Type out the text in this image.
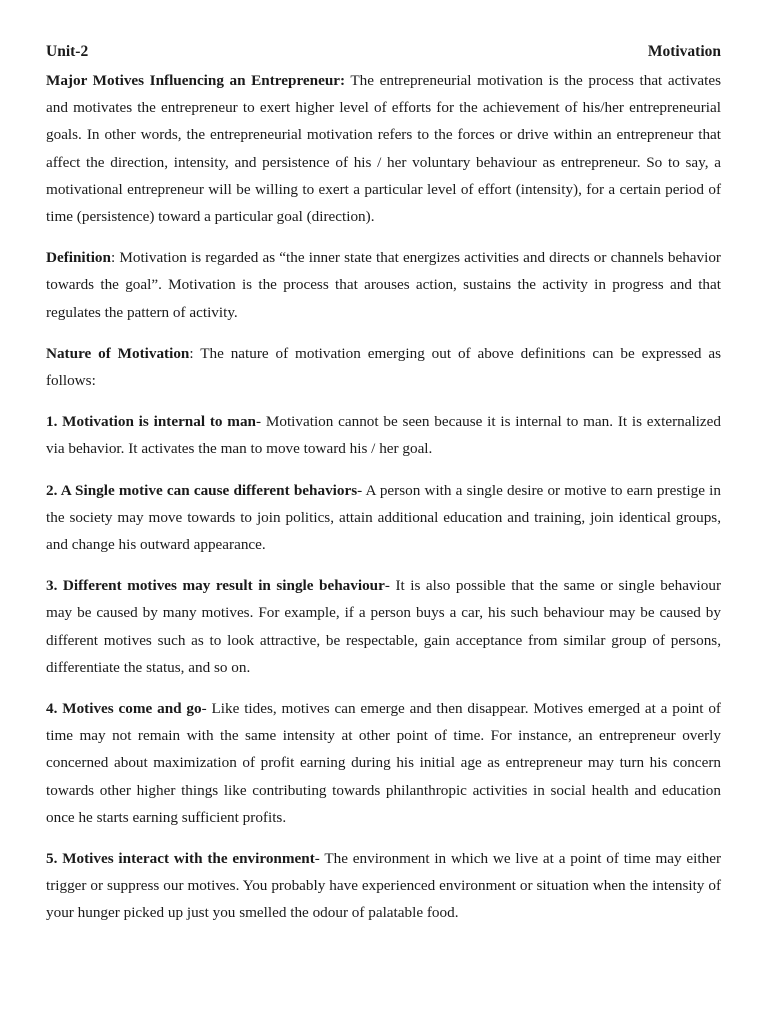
Unit-2	Motivation

Major Motives Influencing an Entrepreneur: The entrepreneurial motivation is the process that activates and motivates the entrepreneur to exert higher level of efforts for the achievement of his/her entrepreneurial goals. In other words, the entrepreneurial motivation refers to the forces or drive within an entrepreneur that affect the direction, intensity, and persistence of his / her voluntary behaviour as entrepreneur. So to say, a motivational entrepreneur will be willing to exert a particular level of effort (intensity), for a certain period of time (persistence) toward a particular goal (direction).

Definition: Motivation is regarded as “the inner state that energizes activities and directs or channels behavior towards the goal”. Motivation is the process that arouses action, sustains the activity in progress and that regulates the pattern of activity.

Nature of Motivation: The nature of motivation emerging out of above definitions can be expressed as follows:

1. Motivation is internal to man- Motivation cannot be seen because it is internal to man. It is externalized via behavior. It activates the man to move toward his / her goal.

2. A Single motive can cause different behaviors- A person with a single desire or motive to earn prestige in the society may move towards to join politics, attain additional education and training, join identical groups, and change his outward appearance.

3. Different motives may result in single behaviour- It is also possible that the same or single behaviour may be caused by many motives. For example, if a person buys a car, his such behaviour may be caused by different motives such as to look attractive, be respectable, gain acceptance from similar group of persons, differentiate the status, and so on.

4. Motives come and go- Like tides, motives can emerge and then disappear. Motives emerged at a point of time may not remain with the same intensity at other point of time. For instance, an entrepreneur overly concerned about maximization of profit earning during his initial age as entrepreneur may turn his concern towards other higher things like contributing towards philanthropic activities in social health and education once he starts earning sufficient profits.

5. Motives interact with the environment- The environment in which we live at a point of time may either trigger or suppress our motives. You probably have experienced environment or situation when the intensity of your hunger picked up just you smelled the odour of palatable food.
